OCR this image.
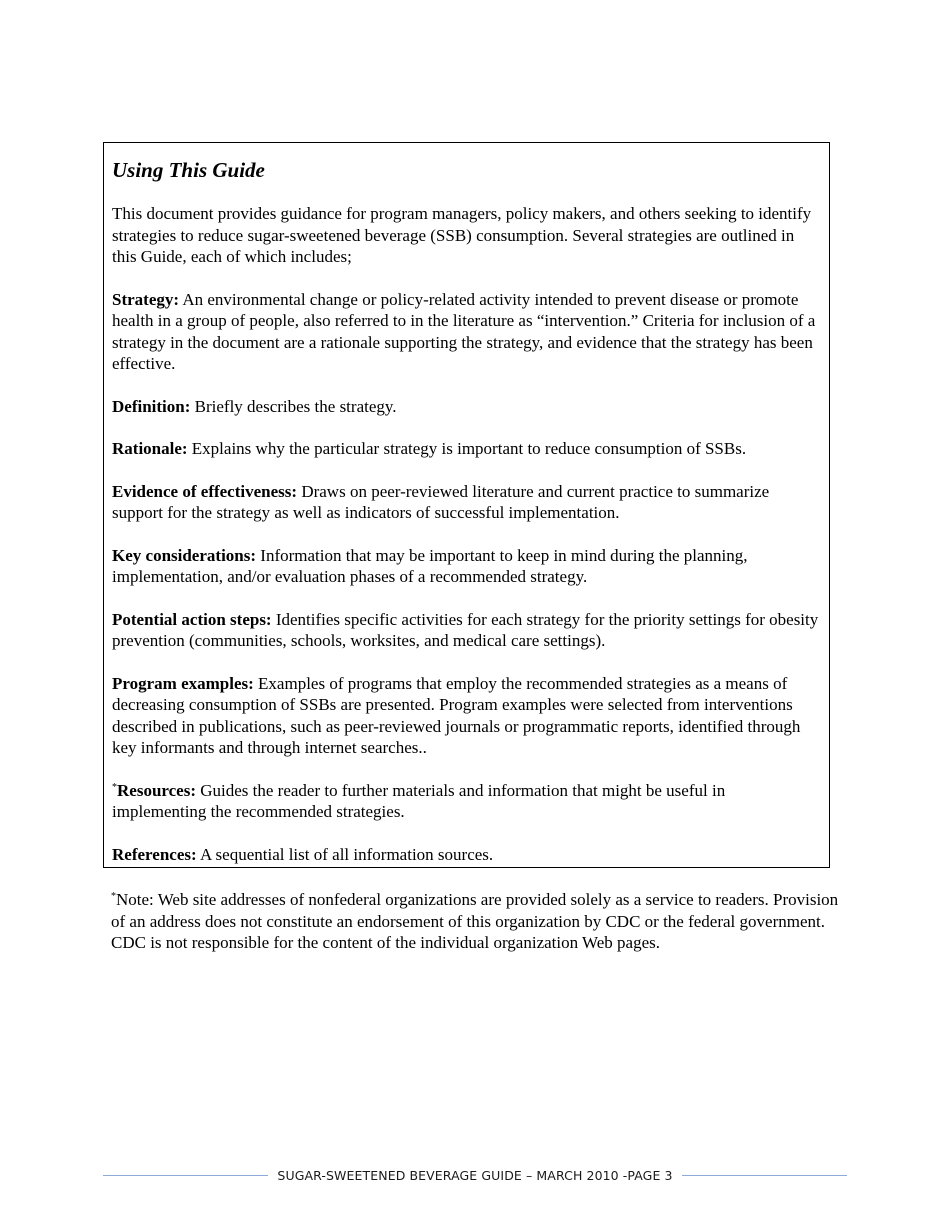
Using This Guide

This document provides guidance for program managers, policy makers, and others seeking to identify strategies to reduce sugar-sweetened beverage (SSB) consumption. Several strategies are outlined in this Guide, each of which includes;

Strategy: An environmental change or policy-related activity intended to prevent disease or promote health in a group of people, also referred to in the literature as “intervention.” Criteria for inclusion of a strategy in the document are a rationale supporting the strategy, and evidence that the strategy has been effective.

Definition: Briefly describes the strategy.

Rationale: Explains why the particular strategy is important to reduce consumption of SSBs.

Evidence of effectiveness: Draws on peer-reviewed literature and current practice to summarize support for the strategy as well as indicators of successful implementation.

Key considerations: Information that may be important to keep in mind during the planning, implementation, and/or evaluation phases of a recommended strategy.

Potential action steps: Identifies specific activities for each strategy for the priority settings for obesity prevention (communities, schools, worksites, and medical care settings).

Program examples: Examples of programs that employ the recommended strategies as a means of decreasing consumption of SSBs are presented. Program examples were selected from interventions described in publications, such as peer-reviewed journals or programmatic reports, identified through key informants and through internet searches..

*Resources: Guides the reader to further materials and information that might be useful in implementing the recommended strategies.

References: A sequential list of all information sources.

*Note: Web site addresses of nonfederal organizations are provided solely as a service to readers. Provision of an address does not constitute an endorsement of this organization by CDC or the federal government. CDC is not responsible for the content of the individual organization Web pages.

SUGAR-SWEETENED BEVERAGE GUIDE – MARCH 2010 -PAGE 3
